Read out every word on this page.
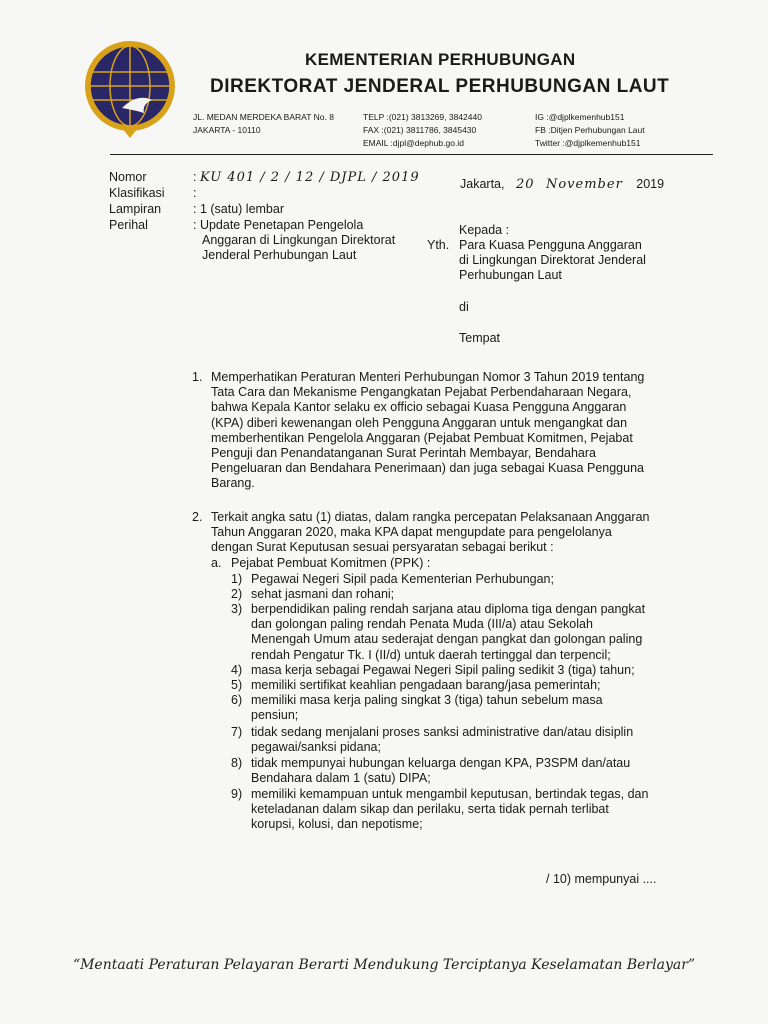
KEMENTERIAN PERHUBUNGAN
DIREKTORAT JENDERAL PERHUBUNGAN LAUT
JL. MEDAN MERDEKA BARAT No. 8
JAKARTA - 10110
TELP :(021) 3813269, 3842440
FAX :(021) 3811786, 3845430
EMAIL :djpl@dephub.go.id
IG :@djplkemenhub151
FB :Ditjen Perhubungan Laut
Twitter :@djplkemenhub151
Nomor
Klasifikasi
Lampiran
Perihal
: KU 401 / 2 / 12 / DJPL / 2019
:
: 1 (satu) lembar
: Update Penetapan Pengelola
Anggaran di Lingkungan Direktorat
Jenderal Perhubungan Laut
Jakarta, 20 November 2019
Kepada :
Para Kuasa Pengguna Anggaran
di Lingkungan Direktorat Jenderal
Perhubungan Laut
Yth.
di
Tempat
1. Memperhatikan Peraturan Menteri Perhubungan Nomor 3 Tahun 2019 tentang
Tata Cara dan Mekanisme Pengangkatan Pejabat Perbendaharaan Negara,
bahwa Kepala Kantor selaku ex officio sebagai Kuasa Pengguna Anggaran
(KPA) diberi kewenangan oleh Pengguna Anggaran untuk mengangkat dan
memberhentikan Pengelola Anggaran (Pejabat Pembuat Komitmen, Pejabat
Penguji dan Penandatanganan Surat Perintah Membayar, Bendahara
Pengeluaran dan Bendahara Penerimaan) dan juga sebagai Kuasa Pengguna
Barang.
2. Terkait angka satu (1) diatas, dalam rangka percepatan Pelaksanaan Anggaran
Tahun Anggaran 2020, maka KPA dapat mengupdate para pengelolanya
dengan Surat Keputusan sesuai persyaratan sebagai berikut :
a. Pejabat Pembuat Komitmen (PPK) :
1) Pegawai Negeri Sipil pada Kementerian Perhubungan;
2) sehat jasmani dan rohani;
3) berpendidikan paling rendah sarjana atau diploma tiga dengan pangkat
dan golongan paling rendah Penata Muda (III/a) atau Sekolah
Menengah Umum atau sederajat dengan pangkat dan golongan paling
rendah Pengatur Tk. I (II/d) untuk daerah tertinggal dan terpencil;
4) masa kerja sebagai Pegawai Negeri Sipil paling sedikit 3 (tiga) tahun;
5) memiliki sertifikat keahlian pengadaan barang/jasa pemerintah;
6) memiliki masa kerja paling singkat 3 (tiga) tahun sebelum masa
pensiun;
7) tidak sedang menjalani proses sanksi administrative dan/atau disiplin
pegawai/sanksi pidana;
8) tidak mempunyai hubungan keluarga dengan KPA, P3SPM dan/atau
Bendahara dalam 1 (satu) DIPA;
9) memiliki kemampuan untuk mengambil keputusan, bertindak tegas, dan
keteladanan dalam sikap dan perilaku, serta tidak pernah terlibat
korupsi, kolusi, dan nepotisme;
/ 10) mempunyai ....
“Mentaati Peraturan Pelayaran Berarti Mendukung Terciptanya Keselamatan Berlayar”
